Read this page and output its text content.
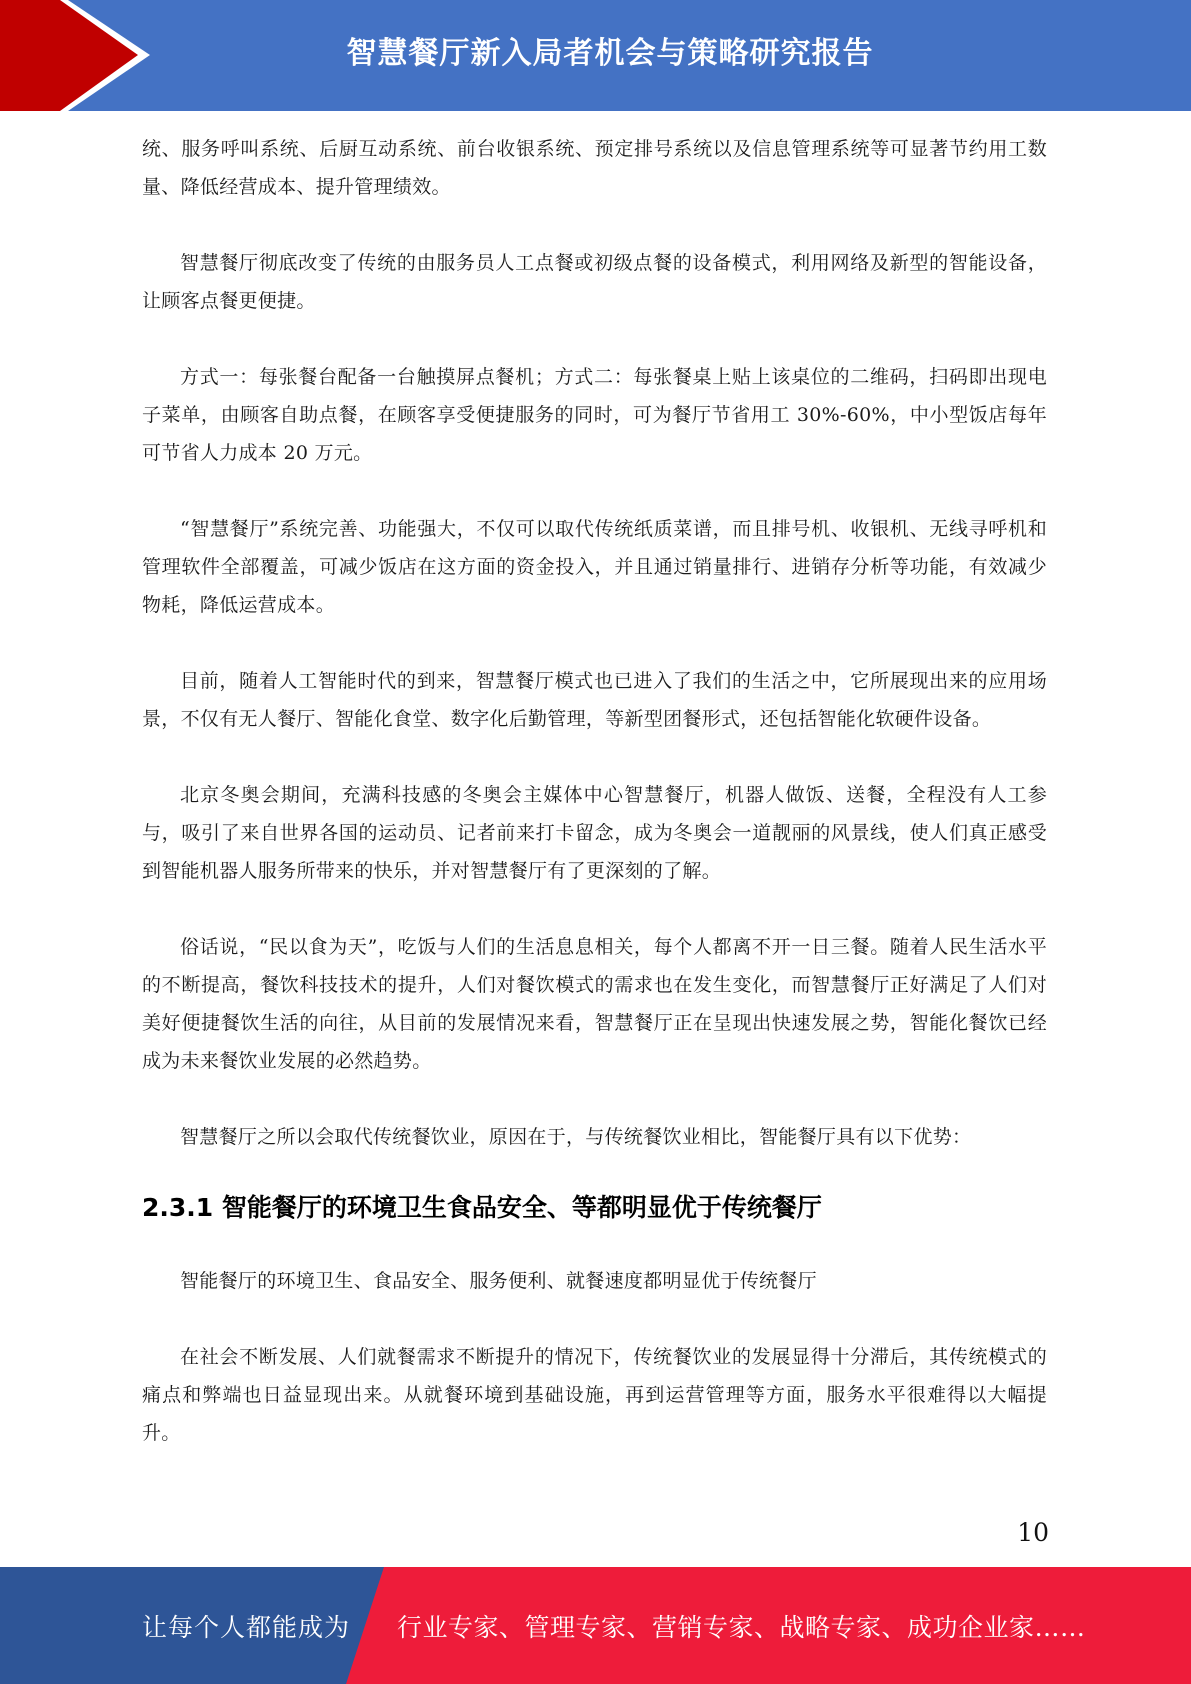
智慧餐厅新入局者机会与策略研究报告

统、服务呼叫系统、后厨互动系统、前台收银系统、预定排号系统以及信息管理系统等可显著节约用工数量、降低经营成本、提升管理绩效。

智慧餐厅彻底改变了传统的由服务员人工点餐或初级点餐的设备模式，利用网络及新型的智能设备，让顾客点餐更便捷。

方式一：每张餐台配备一台触摸屏点餐机；方式二：每张餐桌上贴上该桌位的二维码，扫码即出现电子菜单，由顾客自助点餐，在顾客享受便捷服务的同时，可为餐厅节省用工 30%-60%，中小型饭店每年可节省人力成本 20 万元。

“智慧餐厅”系统完善、功能强大，不仅可以取代传统纸质菜谱，而且排号机、收银机、无线寻呼机和管理软件全部覆盖，可减少饭店在这方面的资金投入，并且通过销量排行、进销存分析等功能，有效减少物耗，降低运营成本。

目前，随着人工智能时代的到来，智慧餐厅模式也已进入了我们的生活之中，它所展现出来的应用场景，不仅有无人餐厅、智能化食堂、数字化后勤管理，等新型团餐形式，还包括智能化软硬件设备。

北京冬奥会期间，充满科技感的冬奥会主媒体中心智慧餐厅，机器人做饭、送餐，全程没有人工参与，吸引了来自世界各国的运动员、记者前来打卡留念，成为冬奥会一道靓丽的风景线，使人们真正感受到智能机器人服务所带来的快乐，并对智慧餐厅有了更深刻的了解。

俗话说，“民以食为天”，吃饭与人们的生活息息相关，每个人都离不开一日三餐。随着人民生活水平的不断提高，餐饮科技技术的提升，人们对餐饮模式的需求也在发生变化，而智慧餐厅正好满足了人们对美好便捷餐饮生活的向往，从目前的发展情况来看，智慧餐厅正在呈现出快速发展之势，智能化餐饮已经成为未来餐饮业发展的必然趋势。

智慧餐厅之所以会取代传统餐饮业，原因在于，与传统餐饮业相比，智能餐厅具有以下优势：

2.3.1 智能餐厅的环境卫生食品安全、等都明显优于传统餐厅

智能餐厅的环境卫生、食品安全、服务便利、就餐速度都明显优于传统餐厅

在社会不断发展、人们就餐需求不断提升的情况下，传统餐饮业的发展显得十分滞后，其传统模式的痛点和弊端也日益显现出来。从就餐环境到基础设施，再到运营管理等方面，服务水平很难得以大幅提升。

10
让每个人都能成为 行业专家、管理专家、营销专家、战略专家、成功企业家……
